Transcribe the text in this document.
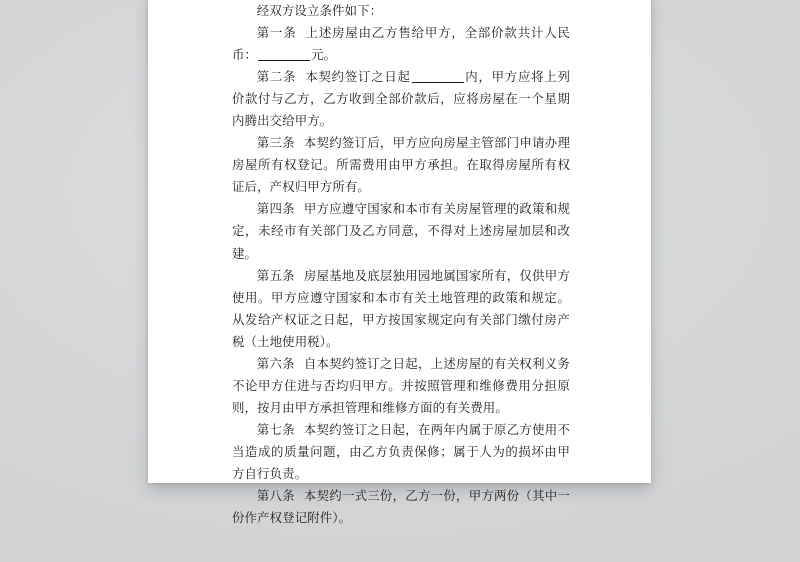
经双方设立条件如下：

第一条 上述房屋由乙方售给甲方，全部价款共计人民币：	元。

第二条 本契约签订之日起	内，甲方应将上列价款付与乙方，乙方收到全部价款后，应将房屋在一个星期内腾出交给甲方。

第三条 本契约签订后，甲方应向房屋主管部门申请办理房屋所有权登记。所需费用由甲方承担。在取得房屋所有权证后，产权归甲方所有。

第四条 甲方应遵守国家和本市有关房屋管理的政策和规定，未经市有关部门及乙方同意，不得对上述房屋加层和改建。

第五条 房屋基地及底层独用园地属国家所有，仅供甲方使用。甲方应遵守国家和本市有关土地管理的政策和规定。从发给产权证之日起，甲方按国家规定向有关部门缴付房产税（土地使用税）。

第六条 自本契约签订之日起，上述房屋的有关权利义务不论甲方住进与否均归甲方。并按照管理和维修费用分担原则，按月由甲方承担管理和维修方面的有关费用。

第七条 本契约签订之日起，在两年内属于原乙方使用不当造成的质量问题，由乙方负责保修；属于人为的损坏由甲方自行负责。

第八条 本契约一式三份，乙方一份，甲方两份（其中一份作产权登记附件）。
